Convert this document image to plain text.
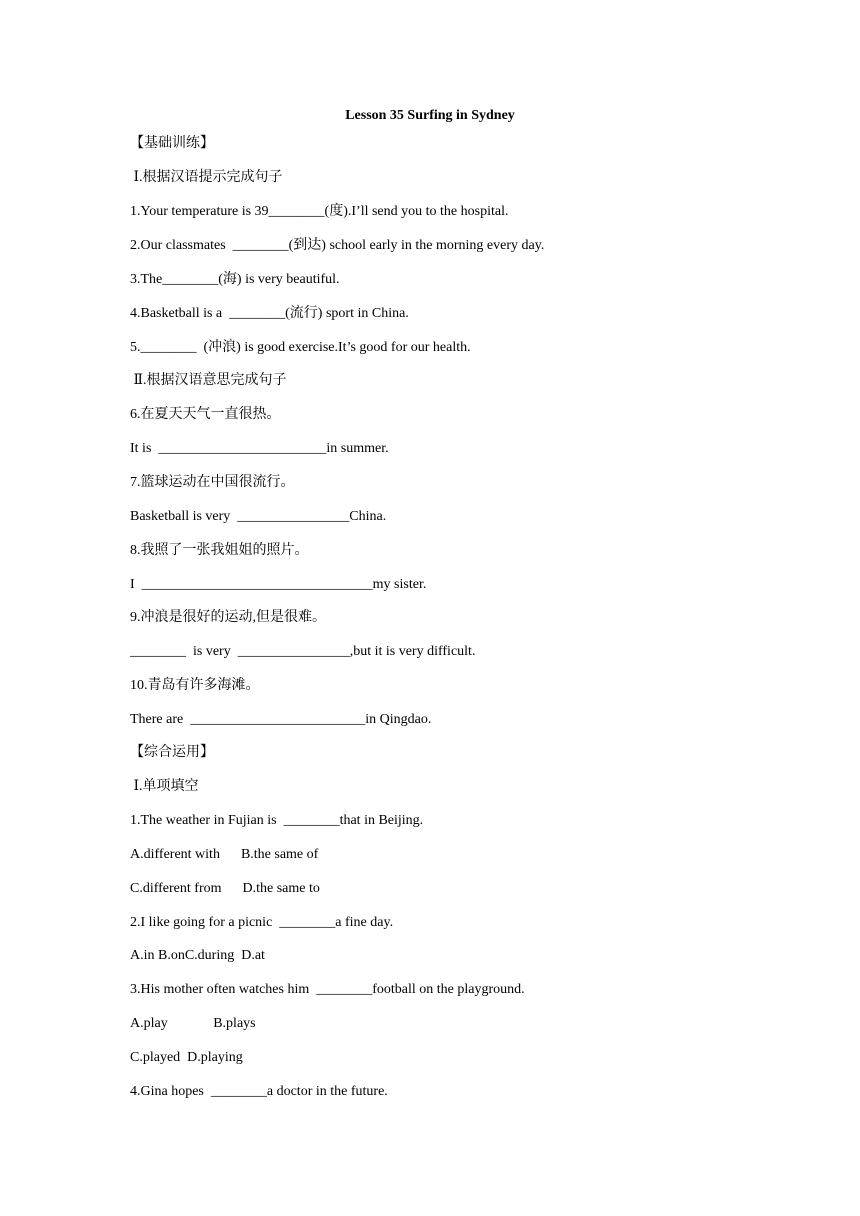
Lesson 35 Surfing in Sydney
【基础训练】
Ⅰ.根据汉语提示完成句子
1.Your temperature is 39________(度).I’ll send you to the hospital.
2.Our classmates  ________(到达) school early in the morning every day.
3.The________(海) is very beautiful.
4.Basketball is a  ________(流行) sport in China.
5.________  (冲浪) is good exercise.It’s good for our health.
Ⅱ.根据汉语意思完成句子
6.在夏天天气一直很热。
It is  ________________________in summer.
7.篮球运动在中国很流行。
Basketball is very  ________________China.
8.我照了一张我姐姐的照片。
I  _________________________________my sister.
9.冲浪是很好的运动,但是很难。
________  is very  ________________,but it is very difficult.
10.青岛有许多海滩。
There are  _________________________in Qingdao.
【综合运用】
Ⅰ.单项填空
1.The weather in Fujian is  ________that in Beijing.
A.different with      B.the same of
C.different from      D.the same to
2.I like going for a picnic  ________a fine day.
A.in B.onC.during  D.at
3.His mother often watches him  ________football on the playground.
A.play             B.plays
C.played  D.playing
4.Gina hopes  ________a doctor in the future.
